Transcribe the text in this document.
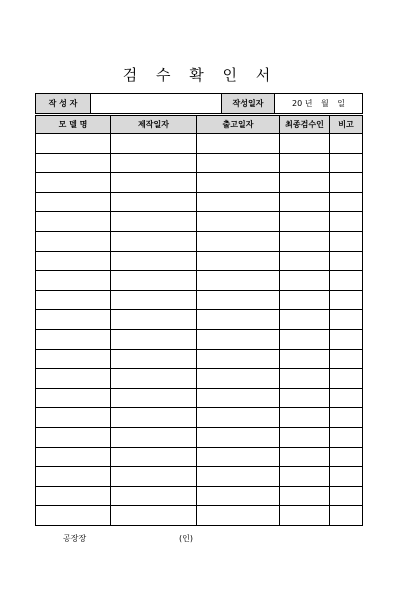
검 수 확 인 서
작 성 자		작성일자	20 년 월 일
모 델 명	제작일자	출고일자	최종검수인	비고

공장장	(인)
